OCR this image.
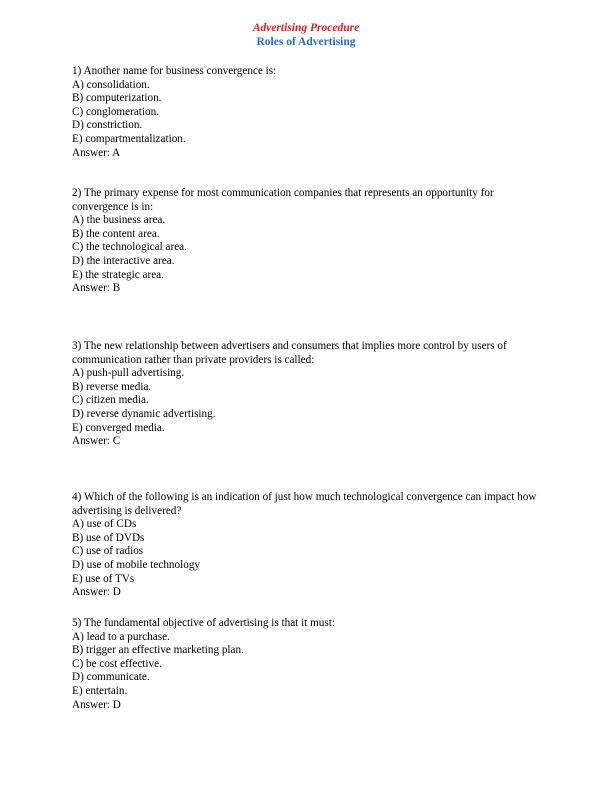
Advertising Procedure
Roles of Advertising
1) Another name for business convergence is:
A) consolidation.
B) computerization.
C) conglomeration.
D) constriction.
E) compartmentalization.
Answer: A
2) The primary expense for most communication companies that represents an opportunity for convergence is in:
A) the business area.
B) the content area.
C) the technological area.
D) the interactive area.
E) the strategic area.
Answer: B
3) The new relationship between advertisers and consumers that implies more control by users of communication rather than private providers is called:
A) push-pull advertising.
B) reverse media.
C) citizen media.
D) reverse dynamic advertising.
E) converged media.
Answer: C
4) Which of the following is an indication of just how much technological convergence can impact how advertising is delivered?
A) use of CDs
B) use of DVDs
C) use of radios
D) use of mobile technology
E) use of TVs
Answer: D
5) The fundamental objective of advertising is that it must:
A) lead to a purchase.
B) trigger an effective marketing plan.
C) be cost effective.
D) communicate.
E) entertain.
Answer: D
